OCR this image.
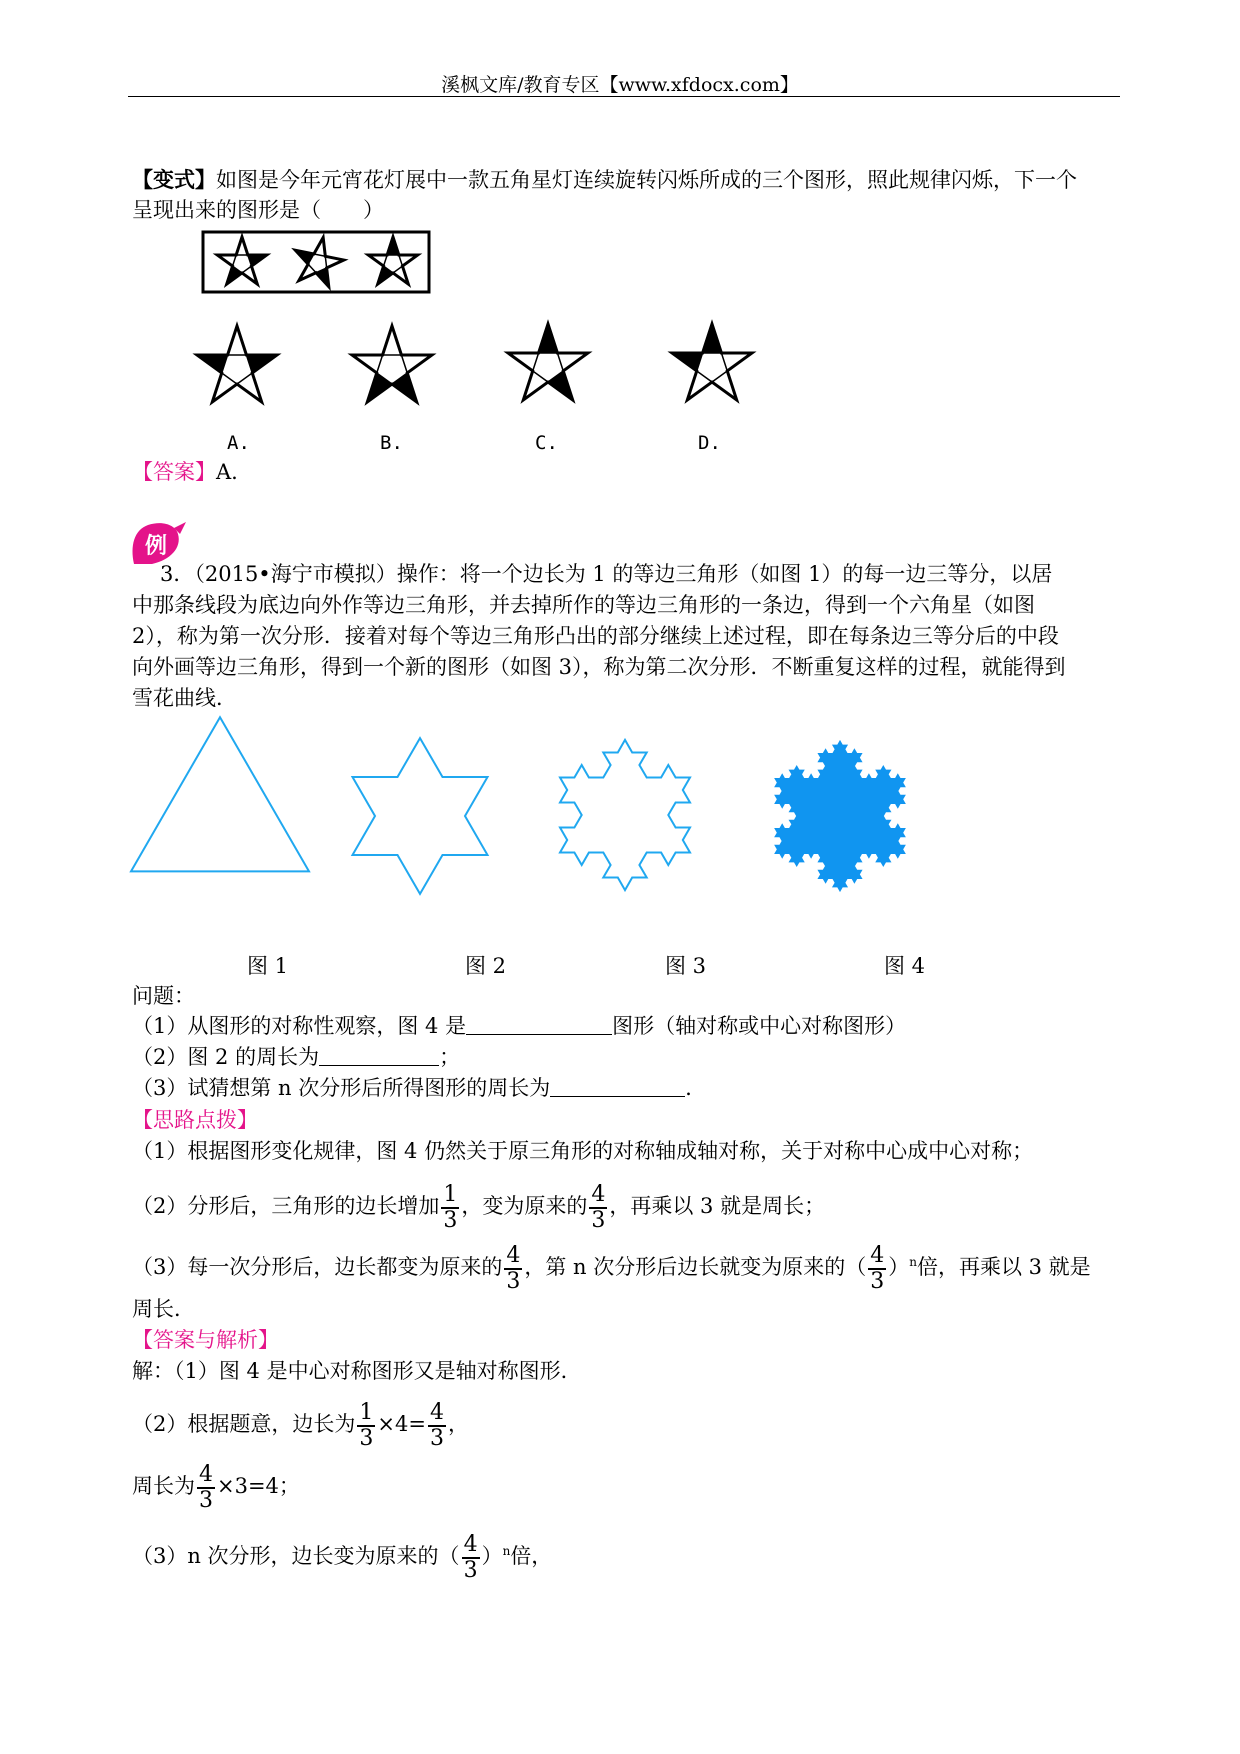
溪枫文库/教育专区【www.xfdocx.com】
【变式】如图是今年元宵花灯展中一款五角星灯连续旋转闪烁所成的三个图形，照此规律闪烁，下一个
呈现出来的图形是（　　）
A.	B.	C.	D.
【答案】A.
例
3．（2015•海宁市模拟）操作：将一个边长为 1 的等边三角形（如图 1）的每一边三等分，以居
中那条线段为底边向外作等边三角形，并去掉所作的等边三角形的一条边，得到一个六角星（如图
2），称为第一次分形．接着对每个等边三角形凸出的部分继续上述过程，即在每条边三等分后的中段
向外画等边三角形，得到一个新的图形（如图 3），称为第二次分形．不断重复这样的过程，就能得到
雪花曲线．
图 1	图 2	图 3	图 4
问题：
（1）从图形的对称性观察，图 4 是	图形（轴对称或中心对称图形）
（2）图 2 的周长为	；
（3）试猜想第 n 次分形后所得图形的周长为	．
【思路点拨】
（1）根据图形变化规律，图 4 仍然关于原三角形的对称轴成轴对称，关于对称中心成中心对称；
（2）分形后，三角形的边长增加 $\frac{1}{3}$ ，变为原来的 $\frac{4}{3}$ ，再乘以 3 就是周长；
（3）每一次分形后，边长都变为原来的 $\frac{4}{3}$ ，第 n 次分形后边长就变为原来的（ $\frac{4}{3} )^n$倍，再乘以 3 就是
周长．
【答案与解析】
解：（1）图 4 是中心对称图形又是轴对称图形．
（2）根据题意，边长为 $\frac{1}{3} \times 4= \frac{4}{3}$ ，
周长为 $\frac{4}{3} \times 3=4$；
（3）n 次分形，边长变为原来的（ $\frac{4}{3} )^n$倍，
